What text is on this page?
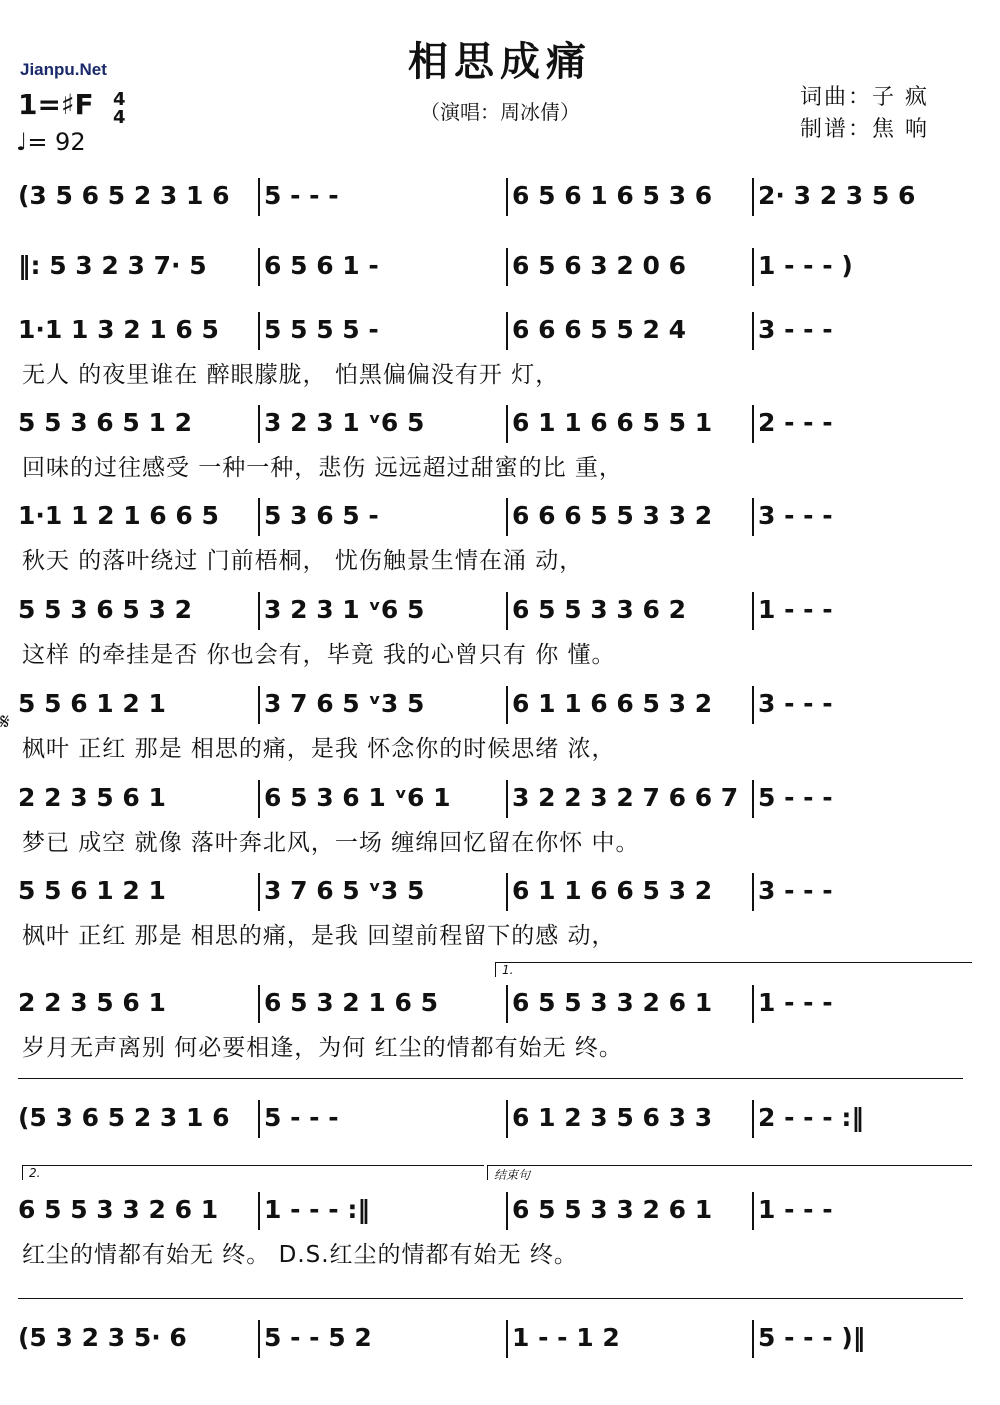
Jianpu.Net	相思成痛
（演唱：周冰倩）
词曲：子 疯
制谱：焦 响
1=♯F 4
4
♩= 92
𝄋
(3 5 6 5 2 3 1 6 5 - - -	6 5 6 1 6 5 3 6 2· 3 2 3 5 6
‖: 5 3 2 3 7· 5 6 5 6 1 -	6 5 6 3 2 0 6	1 - - - )
1·1 1 3 2 1 6 5 5 5 5 5 -	6 6 6 5 5 2 4	3 - - -
无人 的夜里谁在 醉眼朦胧， 怕黑偏偏没有开 灯，
5 5 3 6 5 1 2	3 2 3 1 ᵛ6 5	6 1 1 6 6 5 5 1 2 - - -
回味的过往感受 一种一种，悲伤 远远超过甜蜜的比 重，
1·1 1 2 1 6 6 5 5 3 6 5 -	6 6 6 5 5 3 3 2 3 - - -
秋天 的落叶绕过 门前梧桐， 忧伤触景生情在涌 动，
5 5 3 6 5 3 2	3 2 3 1 ᵛ6 5	6 5 5 3 3 6 2	1 - - -
这样 的牵挂是否 你也会有，毕竟 我的心曾只有 你 懂。
5 5 6 1 2 1	3 7 6 5 ᵛ3 5	6 1 1 6 6 5 3 2 3 - - -
枫叶 正红 那是 相思的痛，是我 怀念你的时候思绪 浓，
2 2 3 5 6 1	6 5 3 6 1 ᵛ6 1 3 2 2 3 2 7 6 6 7 5 - - -
梦已 成空 就像 落叶奔北风，一场 缠绵回忆留在你怀 中。
5 5 6 1 2 1	3 7 6 5 ᵛ3 5	6 1 1 6 6 5 3 2 3 - - -
枫叶 正红 那是 相思的痛，是我 回望前程留下的感 动，
2 2 3 5 6 1	6 5 3 2 1 6 5	6 5 5 3 3 2 6 1 1 - - -
岁月无声离别 何必要相逢，为何 红尘的情都有始无 终。
(5 3 6 5 2 3 1 6 5 - - -	6 1 2 3 5 6 3 3 2 - - - :‖
6 5 5 3 3 2 6 1 1 - - - :‖	6 5 5 3 3 2 6 1 1 - - -
红尘的情都有始无 终。 D.S.红尘的情都有始无 终。
(5 3 2 3 5· 6	5 - - 5 2	1 - - 1 2	5 - - - )‖
1.
2.	结束句
